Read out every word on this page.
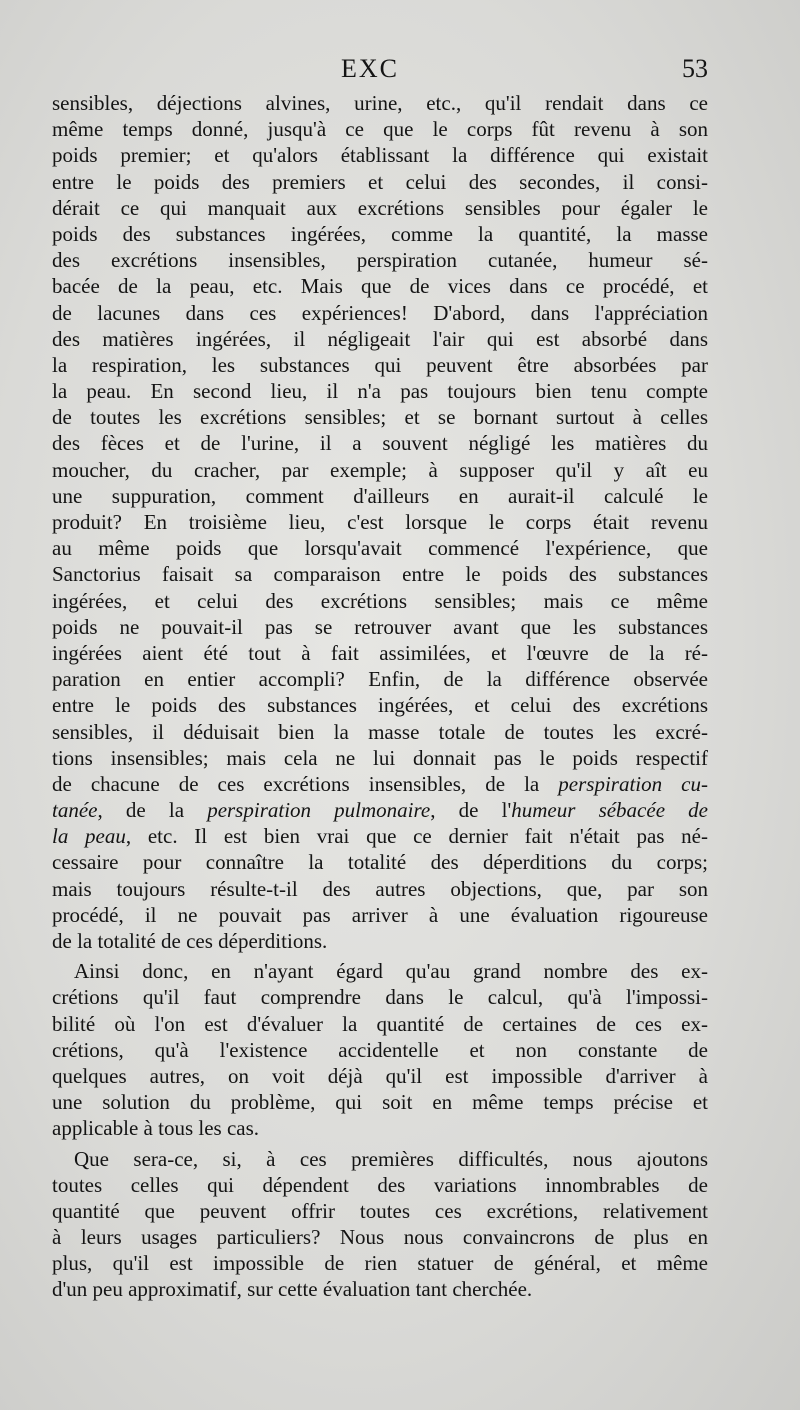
EXC	53
sensibles, déjections alvines, urine, etc., qu'il rendait dans ce
même temps donné, jusqu'à ce que le corps fût revenu à son
poids premier; et qu'alors établissant la différence qui existait
entre le poids des premiers et celui des secondes, il consi-
dérait ce qui manquait aux excrétions sensibles pour égaler le
poids des substances ingérées, comme la quantité, la masse
des excrétions insensibles, perspiration cutanée, humeur sé-
bacée de la peau, etc. Mais que de vices dans ce procédé, et
de lacunes dans ces expériences! D'abord, dans l'appréciation
des matières ingérées, il négligeait l'air qui est absorbé dans
la respiration, les substances qui peuvent être absorbées par
la peau. En second lieu, il n'a pas toujours bien tenu compte
de toutes les excrétions sensibles; et se bornant surtout à celles
des fèces et de l'urine, il a souvent négligé les matières du
moucher, du cracher, par exemple; à supposer qu'il y aît eu
une suppuration, comment d'ailleurs en aurait-il calculé le
produit? En troisième lieu, c'est lorsque le corps était revenu
au même poids que lorsqu'avait commencé l'expérience, que
Sanctorius faisait sa comparaison entre le poids des substances
ingérées, et celui des excrétions sensibles; mais ce même
poids ne pouvait-il pas se retrouver avant que les substances
ingérées aient été tout à fait assimilées, et l'œuvre de la ré-
paration en entier accompli? Enfin, de la différence observée
entre le poids des substances ingérées, et celui des excrétions
sensibles, il déduisait bien la masse totale de toutes les excré-
tions insensibles; mais cela ne lui donnait pas le poids respectif
de chacune de ces excrétions insensibles, de la perspiration cu-
tanée, de la perspiration pulmonaire, de l'humeur sébacée de
la peau, etc. Il est bien vrai que ce dernier fait n'était pas né-
cessaire pour connaître la totalité des déperditions du corps;
mais toujours résulte-t-il des autres objections, que, par son
procédé, il ne pouvait pas arriver à une évaluation rigoureuse
de la totalité de ces déperditions.
Ainsi donc, en n'ayant égard qu'au grand nombre des ex-
crétions qu'il faut comprendre dans le calcul, qu'à l'impossi-
bilité où l'on est d'évaluer la quantité de certaines de ces ex-
crétions, qu'à l'existence accidentelle et non constante de
quelques autres, on voit déjà qu'il est impossible d'arriver à
une solution du problème, qui soit en même temps précise et
applicable à tous les cas.
Que sera-ce, si, à ces premières difficultés, nous ajoutons
toutes celles qui dépendent des variations innombrables de
quantité que peuvent offrir toutes ces excrétions, relativement
à leurs usages particuliers? Nous nous convaincrons de plus en
plus, qu'il est impossible de rien statuer de général, et même
d'un peu approximatif, sur cette évaluation tant cherchée.
